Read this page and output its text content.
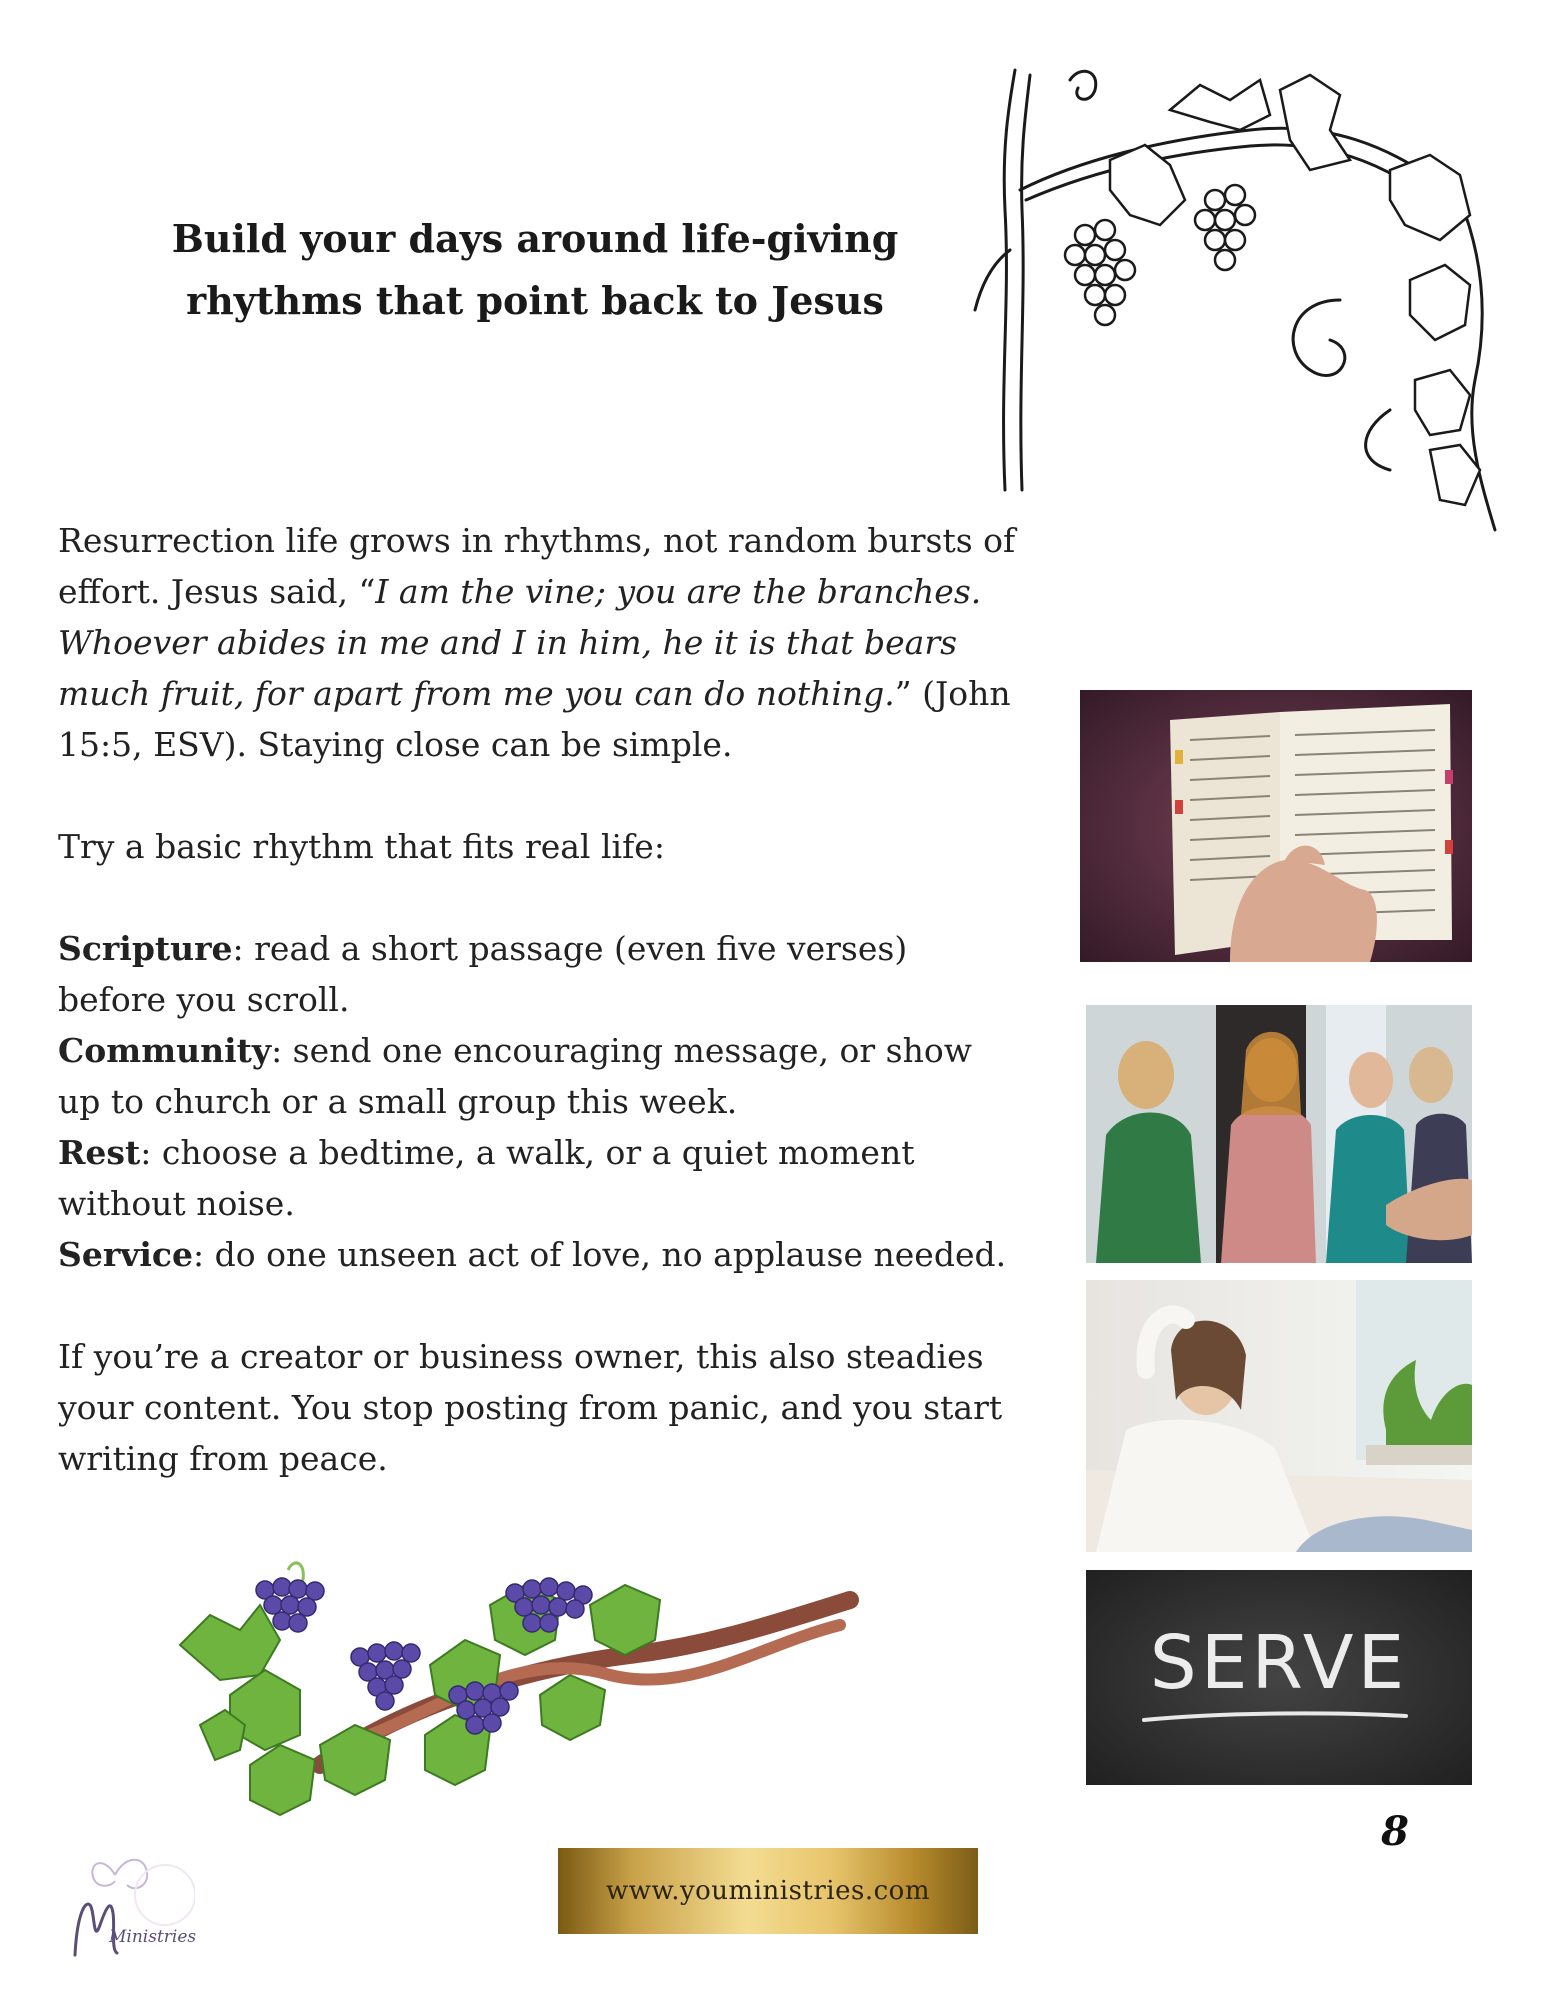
Build your days around life-giving
rhythms that point back to Jesus

Resurrection life grows in rhythms, not random bursts of effort. Jesus said, “I am the vine; you are the branches. Whoever abides in me and I in him, he it is that bears much fruit, for apart from me you can do nothing.” (John 15:5, ESV). Staying close can be simple.

Try a basic rhythm that fits real life:

Scripture: read a short passage (even five verses) before you scroll.

Community: send one encouraging message, or show up to church or a small group this week.

Rest: choose a bedtime, a walk, or a quiet moment without noise.

Service: do one unseen act of love, no applause needed.

If you’re a creator or business owner, this also steadies your content. You stop posting from panic, and you start writing from peace.

SERVE
Ministries
www.youministries.com
8
